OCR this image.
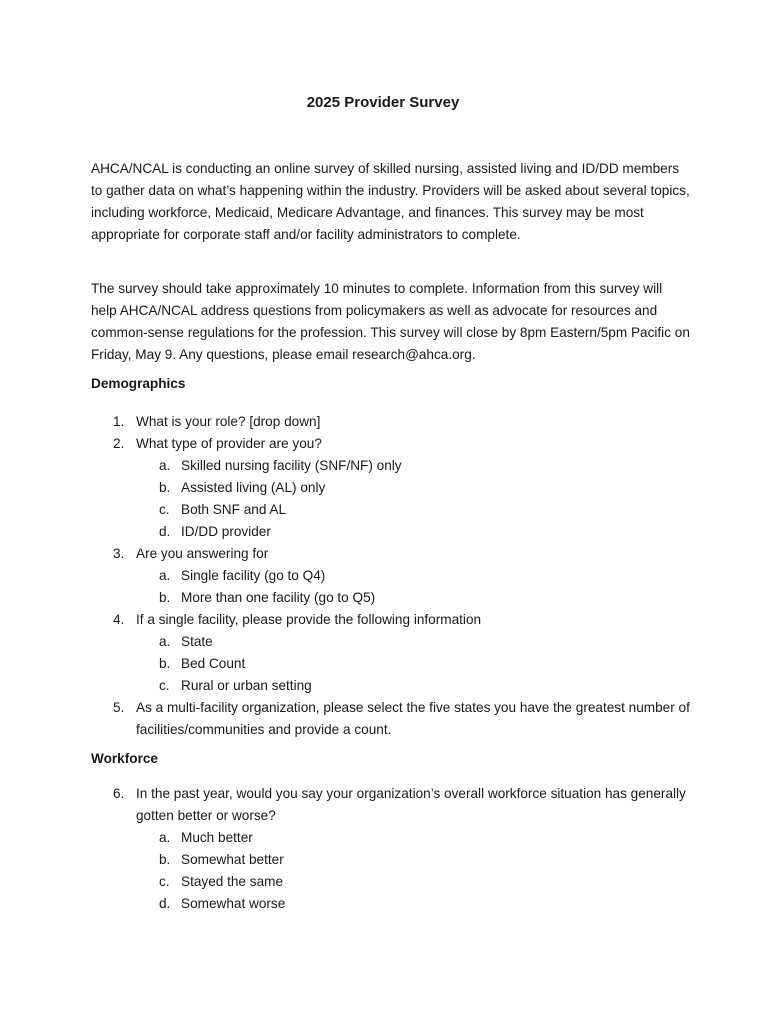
2025 Provider Survey

AHCA/NCAL is conducting an online survey of skilled nursing, assisted living and ID/DD members to gather data on what’s happening within the industry. Providers will be asked about several topics, including workforce, Medicaid, Medicare Advantage, and finances. This survey may be most appropriate for corporate staff and/or facility administrators to complete.

The survey should take approximately 10 minutes to complete. Information from this survey will help AHCA/NCAL address questions from policymakers as well as advocate for resources and common-sense regulations for the profession. This survey will close by 8pm Eastern/5pm Pacific on Friday, May 9. Any questions, please email research@ahca.org.

Demographics
1. What is your role? [drop down]
2. What type of provider are you?
a. Skilled nursing facility (SNF/NF) only
b. Assisted living (AL) only
c. Both SNF and AL
d. ID/DD provider
3. Are you answering for
a. Single facility (go to Q4)
b. More than one facility (go to Q5)
4. If a single facility, please provide the following information
a. State
b. Bed Count
c. Rural or urban setting
5. As a multi-facility organization, please select the five states you have the greatest number of facilities/communities and provide a count.
Workforce
6. In the past year, would you say your organization’s overall workforce situation has generally gotten better or worse?
a. Much better
b. Somewhat better
c. Stayed the same
d. Somewhat worse
